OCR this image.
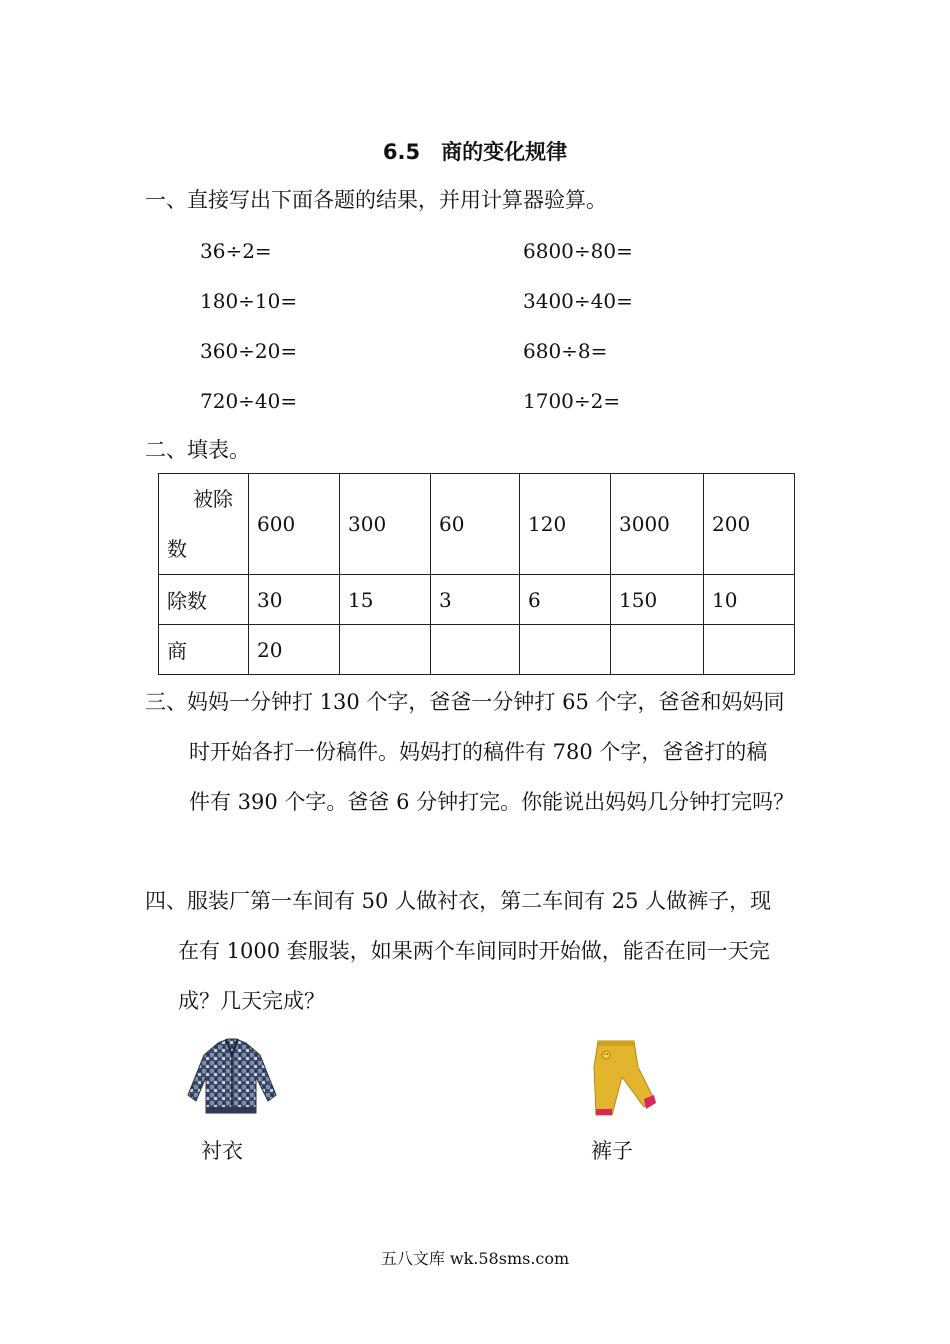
6.5　商的变化规律
一、直接写出下面各题的结果，并用计算器验算。
36÷2=
180÷10=
360÷20=
720÷40=
6800÷80=
3400÷40=
680÷8=
1700÷2=
二、填表。
被除
数	600	300	60	120	3000	200
除数	30	15	3	6	150	10
商	20					
三、妈妈一分钟打 130 个字，爸爸一分钟打 65 个字，爸爸和妈妈同
时开始各打一份稿件。妈妈打的稿件有 780 个字，爸爸打的稿
件有 390 个字。爸爸 6 分钟打完。你能说出妈妈几分钟打完吗？
四、服装厂第一车间有 50 人做衬衣，第二车间有 25 人做裤子，现
在有 1000 套服装，如果两个车间同时开始做，能否在同一天完
成？几天完成？
衬衣	裤子
五八文库 wk.58sms.com
